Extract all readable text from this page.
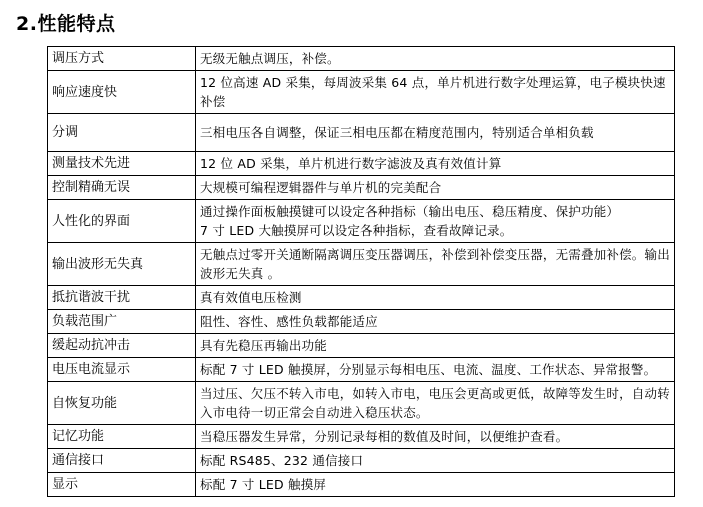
2.性能特点
调压方式	无级无触点调压，补偿。
响应速度快	12 位高速 AD 采集，每周波采集 64 点，单片机进行数字处理运算，电子模块快速补偿
分调	三相电压各自调整，保证三相电压都在精度范围内，特别适合单相负载
测量技术先进	12 位 AD 采集，单片机进行数字滤波及真有效值计算
控制精确无误	大规模可编程逻辑器件与单片机的完美配合
人性化的界面	通过操作面板触摸键可以设定各种指标（输出电压、稳压精度、保护功能）
7 寸 LED 大触摸屏可以设定各种指标，查看故障记录。
输出波形无失真	无触点过零开关通断隔离调压变压器调压，补偿到补偿变压器，无需叠加补偿。输出波形无失真 。
抵抗谐波干扰	真有效值电压检测
负载范围广	阻性、容性、感性负载都能适应
缓起动抗冲击	具有先稳压再输出功能
电压电流显示	标配 7 寸 LED 触摸屏，分别显示每相电压、电流、温度、工作状态、异常报警。
自恢复功能	当过压、欠压不转入市电，如转入市电，电压会更高或更低，故障等发生时，自动转入市电待一切正常会自动进入稳压状态。
记忆功能	当稳压器发生异常，分别记录每相的数值及时间，以便维护查看。
通信接口	标配 RS485、232 通信接口
显示	标配 7 寸 LED 触摸屏
